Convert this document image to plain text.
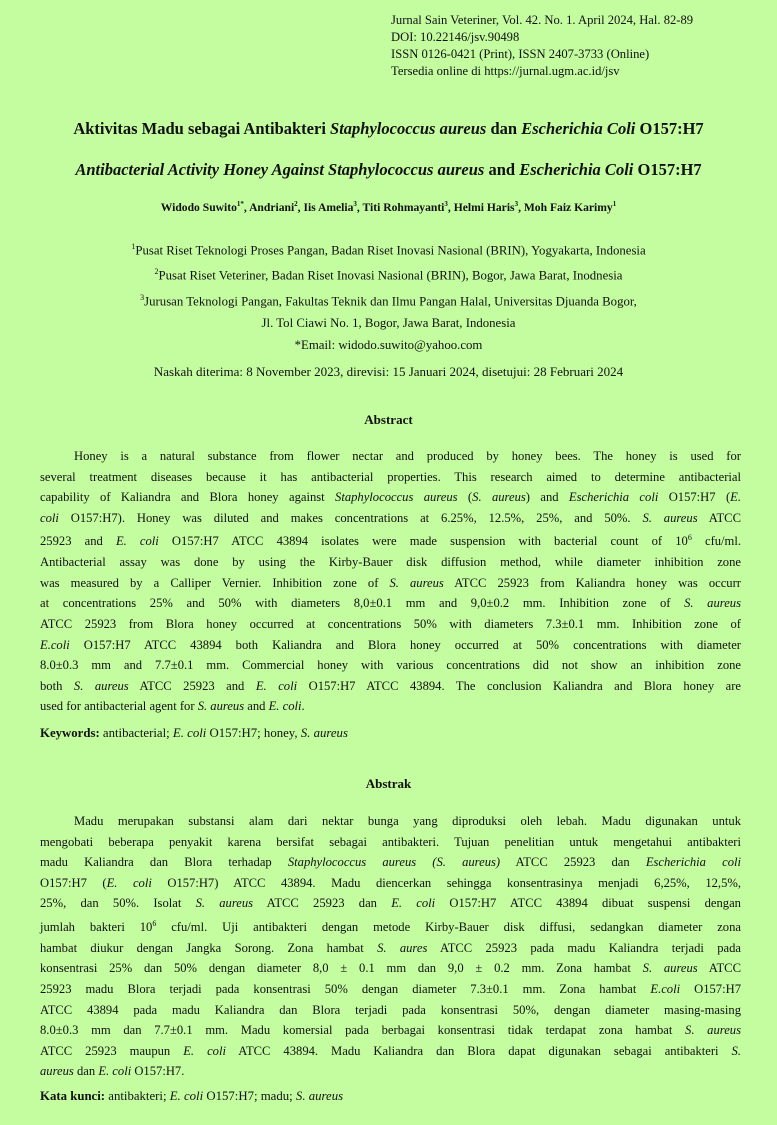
Jurnal Sain Veteriner, Vol. 42. No. 1. April 2024, Hal. 82-89
DOI: 10.22146/jsv.90498
ISSN 0126-0421 (Print), ISSN 2407-3733 (Online)
Tersedia online di https://jurnal.ugm.ac.id/jsv
Aktivitas Madu sebagai Antibakteri Staphylococcus aureus dan Escherichia Coli O157:H7
Antibacterial Activity Honey Against Staphylococcus aureus and Escherichia Coli O157:H7
Widodo Suwito$^{1*}$, Andriani$^2$, Iis Amelia$^3$, Titi Rohmayanti$^3$, Helmi Haris$^3$, Moh Faiz Karimy$^1$
$^1$Pusat Riset Teknologi Proses Pangan, Badan Riset Inovasi Nasional (BRIN), Yogyakarta, Indonesia
$^2$Pusat Riset Veteriner, Badan Riset Inovasi Nasional (BRIN), Bogor, Jawa Barat, Inodnesia
$^3$Jurusan Teknologi Pangan, Fakultas Teknik dan Ilmu Pangan Halal, Universitas Djuanda Bogor,
Jl. Tol Ciawi No. 1, Bogor, Jawa Barat, Indonesia
*Email: widodo.suwito@yahoo.com
Naskah diterima: 8 November 2023, direvisi: 15 Januari 2024, disetujui: 28 Februari 2024
Abstract
Honey is a natural substance from flower nectar and produced by honey bees. The honey is used for
several treatment diseases because it has antibacterial properties. This research aimed to determine antibacterial
capability of Kaliandra and Blora honey against Staphylococcus aureus (S. aureus) and Escherichia coli O157:H7 (E.
coli O157:H7). Honey was diluted and makes concentrations at 6.25%, 12.5%, 25%, and 50%. S. aureus ATCC
25923 and E. coli O157:H7 ATCC 43894 isolates were made suspension with bacterial count of $10^6$ cfu/ml.
Antibacterial assay was done by using the Kirby-Bauer disk diffusion method, while diameter inhibition zone
was measured by a Calliper Vernier. Inhibition zone of S. aureus ATCC 25923 from Kaliandra honey was occurr
at concentrations 25% and 50% with diameters 8,0±0.1 mm and 9,0±0.2 mm. Inhibition zone of S. aureus
ATCC 25923 from Blora honey occurred at concentrations 50% with diameters 7.3±0.1 mm. Inhibition zone of
E.coli O157:H7 ATCC 43894 both Kaliandra and Blora honey occurred at 50% concentrations with diameter
8.0±0.3 mm and 7.7±0.1 mm. Commercial honey with various concentrations did not show an inhibition zone
both S. aureus ATCC 25923 and E. coli O157:H7 ATCC 43894. The conclusion Kaliandra and Blora honey are
used for antibacterial agent for S. aureus and E. coli.
Keywords: antibacterial; E. coli O157:H7; honey, S. aureus
Abstrak
Madu merupakan substansi alam dari nektar bunga yang diproduksi oleh lebah. Madu digunakan untuk
mengobati beberapa penyakit karena bersifat sebagai antibakteri. Tujuan penelitian untuk mengetahui antibakteri
madu Kaliandra dan Blora terhadap Staphylococcus aureus (S. aureus) ATCC 25923 dan Escherichia coli
O157:H7 (E. coli O157:H7) ATCC 43894. Madu diencerkan sehingga konsentrasinya menjadi 6,25%, 12,5%,
25%, dan 50%. Isolat S. aureus ATCC 25923 dan E. coli O157:H7 ATCC 43894 dibuat suspensi dengan
jumlah bakteri $10^6$ cfu/ml. Uji antibakteri dengan metode Kirby-Bauer disk diffusi, sedangkan diameter zona
hambat diukur dengan Jangka Sorong. Zona hambat S. aures ATCC 25923 pada madu Kaliandra terjadi pada
konsentrasi 25% dan 50% dengan diameter 8,0 ± 0.1 mm dan 9,0 ± 0.2 mm. Zona hambat S. aureus ATCC
25923 madu Blora terjadi pada konsentrasi 50% dengan diameter 7.3±0.1 mm. Zona hambat E.coli O157:H7
ATCC 43894 pada madu Kaliandra dan Blora terjadi pada konsentrasi 50%, dengan diameter masing-masing
8.0±0.3 mm dan 7.7±0.1 mm. Madu komersial pada berbagai konsentrasi tidak terdapat zona hambat S. aureus
ATCC 25923 maupun E. coli ATCC 43894. Madu Kaliandra dan Blora dapat digunakan sebagai antibakteri S.
aureus dan E. coli O157:H7.
Kata kunci: antibakteri; E. coli O157:H7; madu; S. aureus
